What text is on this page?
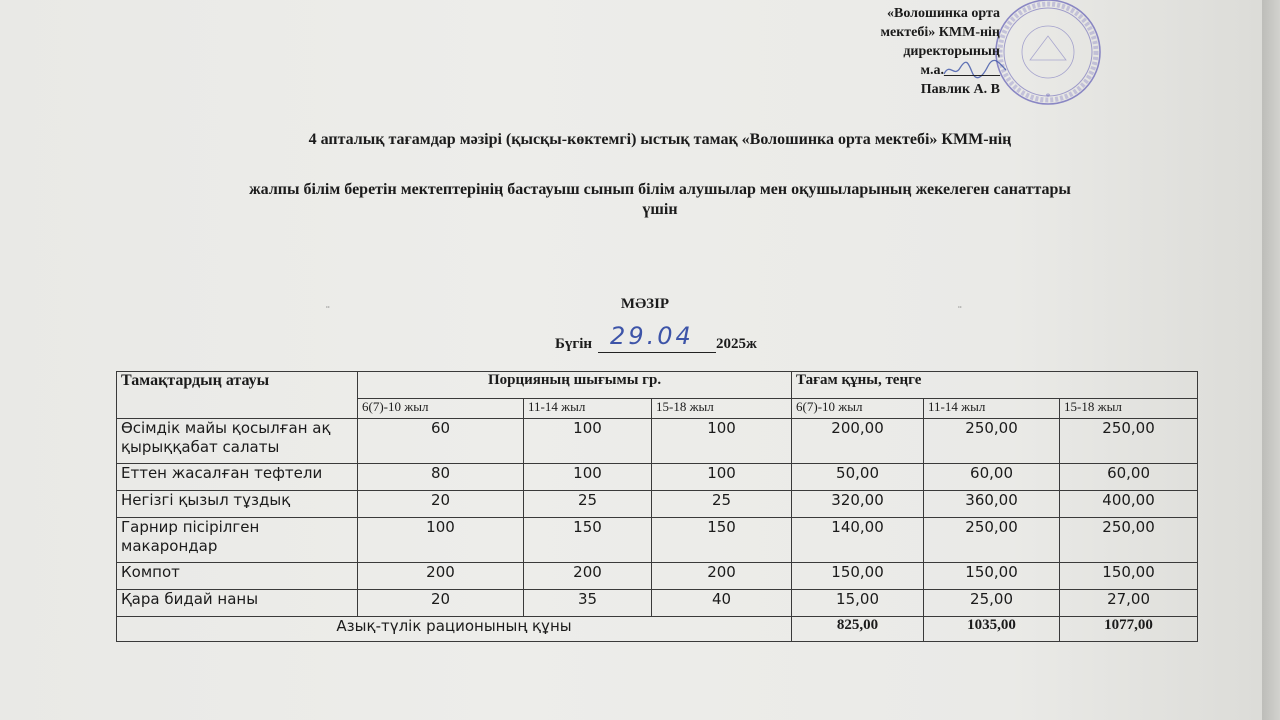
*
«Волошинка орта
мектебі» КММ-нің
директорының
м.а.________
Павлик А. В
4 апталық тағамдар мәзірі (қысқы-көктемгі) ыстық тамақ «Волошинка орта мектебі» КММ-нің
жалпы білім беретін мектептерінің бастауыш сынып білім алушылар мен оқушыларының жекелеген санаттары
үшін
¨	¨
МӘЗІР
Бүгін 29.04 2025ж
Тамақтардың атауы	Порцияның шығымы гр.			Тағам құны, теңге		
	6(7)-10 жыл	11-14 жыл	15-18 жыл	6(7)-10 жыл	11-14 жыл	15-18 жыл
Өсімдік майы қосылған ақ қырыққабат салаты	60	100	100	200,00	250,00	250,00
Еттен жасалған тефтели	80	100	100	50,00	60,00	60,00
Негізгі қызыл тұздық	20	25	25	320,00	360,00	400,00
Гарнир пісірілген макарондар	100	150	150	140,00	250,00	250,00
Компот	200	200	200	150,00	150,00	150,00
Қара бидай наны	20	35	40	15,00	25,00	27,00
Азық-түлік рационының құны				825,00	1035,00	1077,00
